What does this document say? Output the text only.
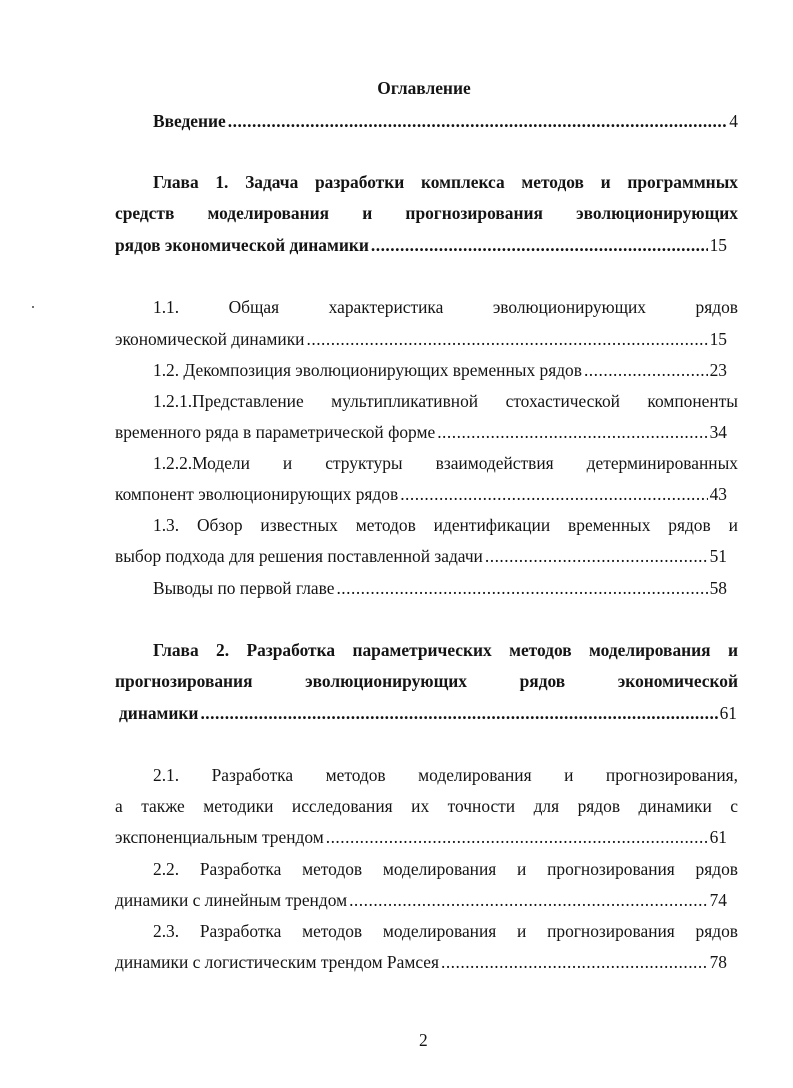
Оглавление
Введение .....	4
Глава 1. Задача разработки комплекса методов и программных
средств моделирования и прогнозирования эволюционирующих
рядов экономической динамики .....	15
1.1.	Общая	характеристика	эволюционирующих	рядов
экономической динамики .....	15
1.2. Декомпозиция эволюционирующих временных рядов .....	23
1.2.1.Представление мультипликативной стохастической компоненты
временного ряда в параметрической форме .....	34
1.2.2.Модели и структуры взаимодействия детерминированных
компонент эволюционирующих рядов .....	43
1.3. Обзор известных методов идентификации временных рядов и
выбор подхода для решения поставленной задачи .....	51
Выводы по первой главе .....	58
Глава 2. Разработка параметрических методов моделирования и
прогнозирования	эволюционирующих	рядов	экономической
динамики .....	61
2.1. Разработка методов моделирования и прогнозирования,
а также методики исследования их точности для рядов динамики с
экспоненциальным трендом .....	61
2.2. Разработка методов моделирования и прогнозирования рядов
динамики с линейным трендом .....	74
2.3. Разработка методов моделирования и прогнозирования рядов
динамики с логистическим трендом Рамсея .....	78
2
